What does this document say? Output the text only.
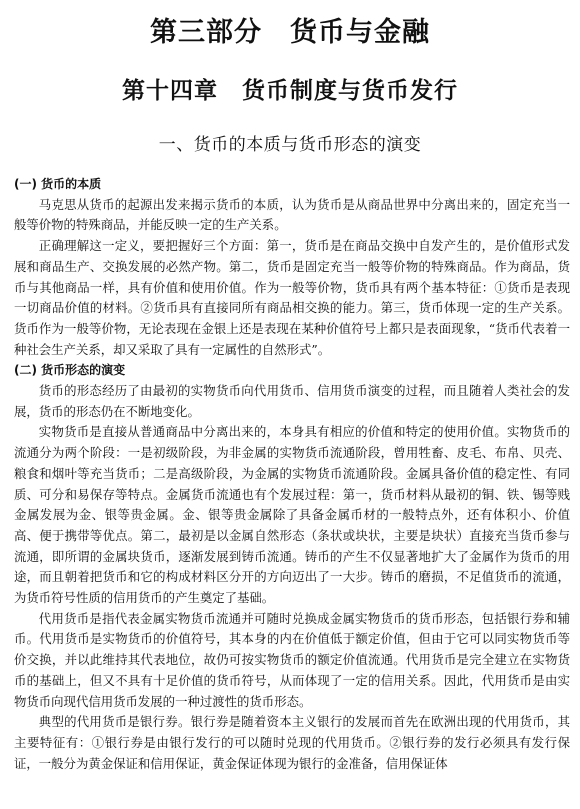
第三部分　货币与金融
第十四章　货币制度与货币发行
一、货币的本质与货币形态的演变

(一) 货币的本质

马克思从货币的起源出发来揭示货币的本质，认为货币是从商品世界中分离出来的，固定充当一般等价物的特殊商品，并能反映一定的生产关系。

正确理解这一定义，要把握好三个方面：第一，货币是在商品交换中自发产生的，是价值形式发展和商品生产、交换发展的必然产物。第二，货币是固定充当一般等价物的特殊商品。作为商品，货币与其他商品一样，具有价值和使用价值。作为一般等价物，货币具有两个基本特征：①货币是表现一切商品价值的材料。②货币具有直接同所有商品相交换的能力。第三，货币体现一定的生产关系。货币作为一般等价物，无论表现在金银上还是表现在某种价值符号上都只是表面现象，“货币代表着一种社会生产关系，却又采取了具有一定属性的自然形式”。

(二) 货币形态的演变

货币的形态经历了由最初的实物货币向代用货币、信用货币演变的过程，而且随着人类社会的发展，货币的形态仍在不断地变化。

实物货币是直接从普通商品中分离出来的，本身具有相应的价值和特定的使用价值。实物货币的流通分为两个阶段：一是初级阶段，为非金属的实物货币流通阶段，曾用牲畜、皮毛、布帛、贝壳、粮食和烟叶等充当货币；二是高级阶段，为金属的实物货币流通阶段。金属具备价值的稳定性、有同质、可分和易保存等特点。金属货币流通也有个发展过程：第一，货币材料从最初的铜、铁、锡等贱金属发展为金、银等贵金属。金、银等贵金属除了具备金属币材的一般特点外，还有体积小、价值高、便于携带等优点。第二，最初是以金属自然形态（条状或块状，主要是块状）直接充当货币参与流通，即所谓的金属块货币，逐渐发展到铸币流通。铸币的产生不仅显著地扩大了金属作为货币的用途，而且朝着把货币和它的构成材料区分开的方向迈出了一大步。铸币的磨损，不足值货币的流通，为货币符号性质的信用货币的产生奠定了基础。

代用货币是指代表金属实物货币流通并可随时兑换成金属实物货币的货币形态，包括银行券和辅币。代用货币是实物货币的价值符号，其本身的内在价值低于额定价值，但由于它可以同实物货币等价交换，并以此维持其代表地位，故仍可按实物货币的额定价值流通。代用货币是完全建立在实物货币的基础上，但又不具有十足价值的货币符号，从而体现了一定的信用关系。因此，代用货币是由实物货币向现代信用货币发展的一种过渡性的货币形态。

典型的代用货币是银行券。银行券是随着资本主义银行的发展而首先在欧洲出现的代用货币，其主要特征有：①银行券是由银行发行的可以随时兑现的代用货币。②银行券的发行必须具有发行保证，一般分为黄金保证和信用保证，黄金保证体现为银行的金准备，信用保证体
